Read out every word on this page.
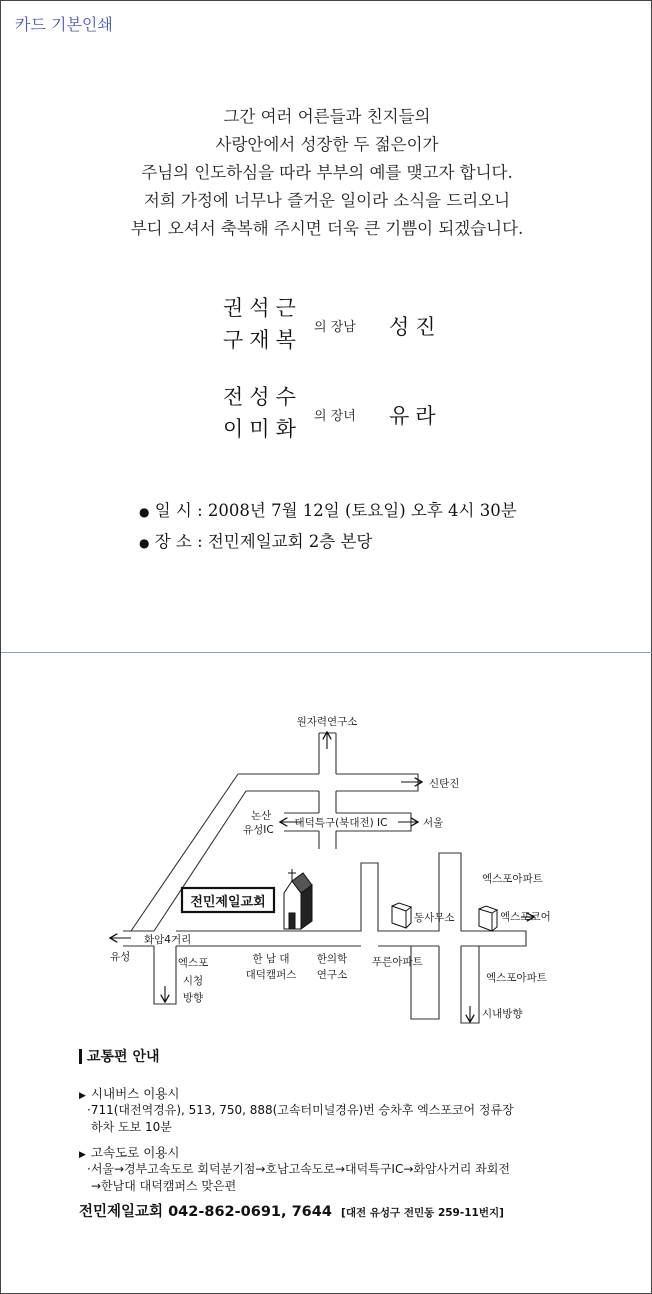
카드 기본인쇄
그간 여러 어른들과 친지들의
사랑안에서 성장한 두 젊은이가
주님의 인도하심을 따라 부부의 예를 맺고자 합니다.
저희 가정에 너무나 즐거운 일이라 소식을 드리오니
부디 오셔서 축복해 주시면 더욱 큰 기쁨이 되겠습니다.
권석근
구재복
의 장남 성진
전성수
이미화
의 장녀 유라
● 일 시 : 2008년 7월 12일 (토요일) 오후 4시 30분
● 장 소 : 전민제일교회 2층 본당
전민제일교회
원자력연구소
신탄진
논산
유성IC
대덕특구(북대전) IC	서울
화암4거리
유성	엑스포
시청
방향
한 남 대
대덕캠퍼스
한의학
연구소
푸른아파트
동사무소
엑스포아파트
엑스포코어
엑스포아파트
시내방향
교통편 안내
▶ 시내버스 이용시
·711(대전역경유), 513, 750, 888(고속터미널경유)번 승차후 엑스포코어 정류장
하차 도보 10분
▶ 고속도로 이용시
·서울→경부고속도로 회덕분기점→호남고속도로→대덕특구IC→화암사거리 좌회전
→한남대 대덕캠퍼스 맞은편
전민제일교회 042-862-0691, 7644 [대전 유성구 전민동 259-11번지]
